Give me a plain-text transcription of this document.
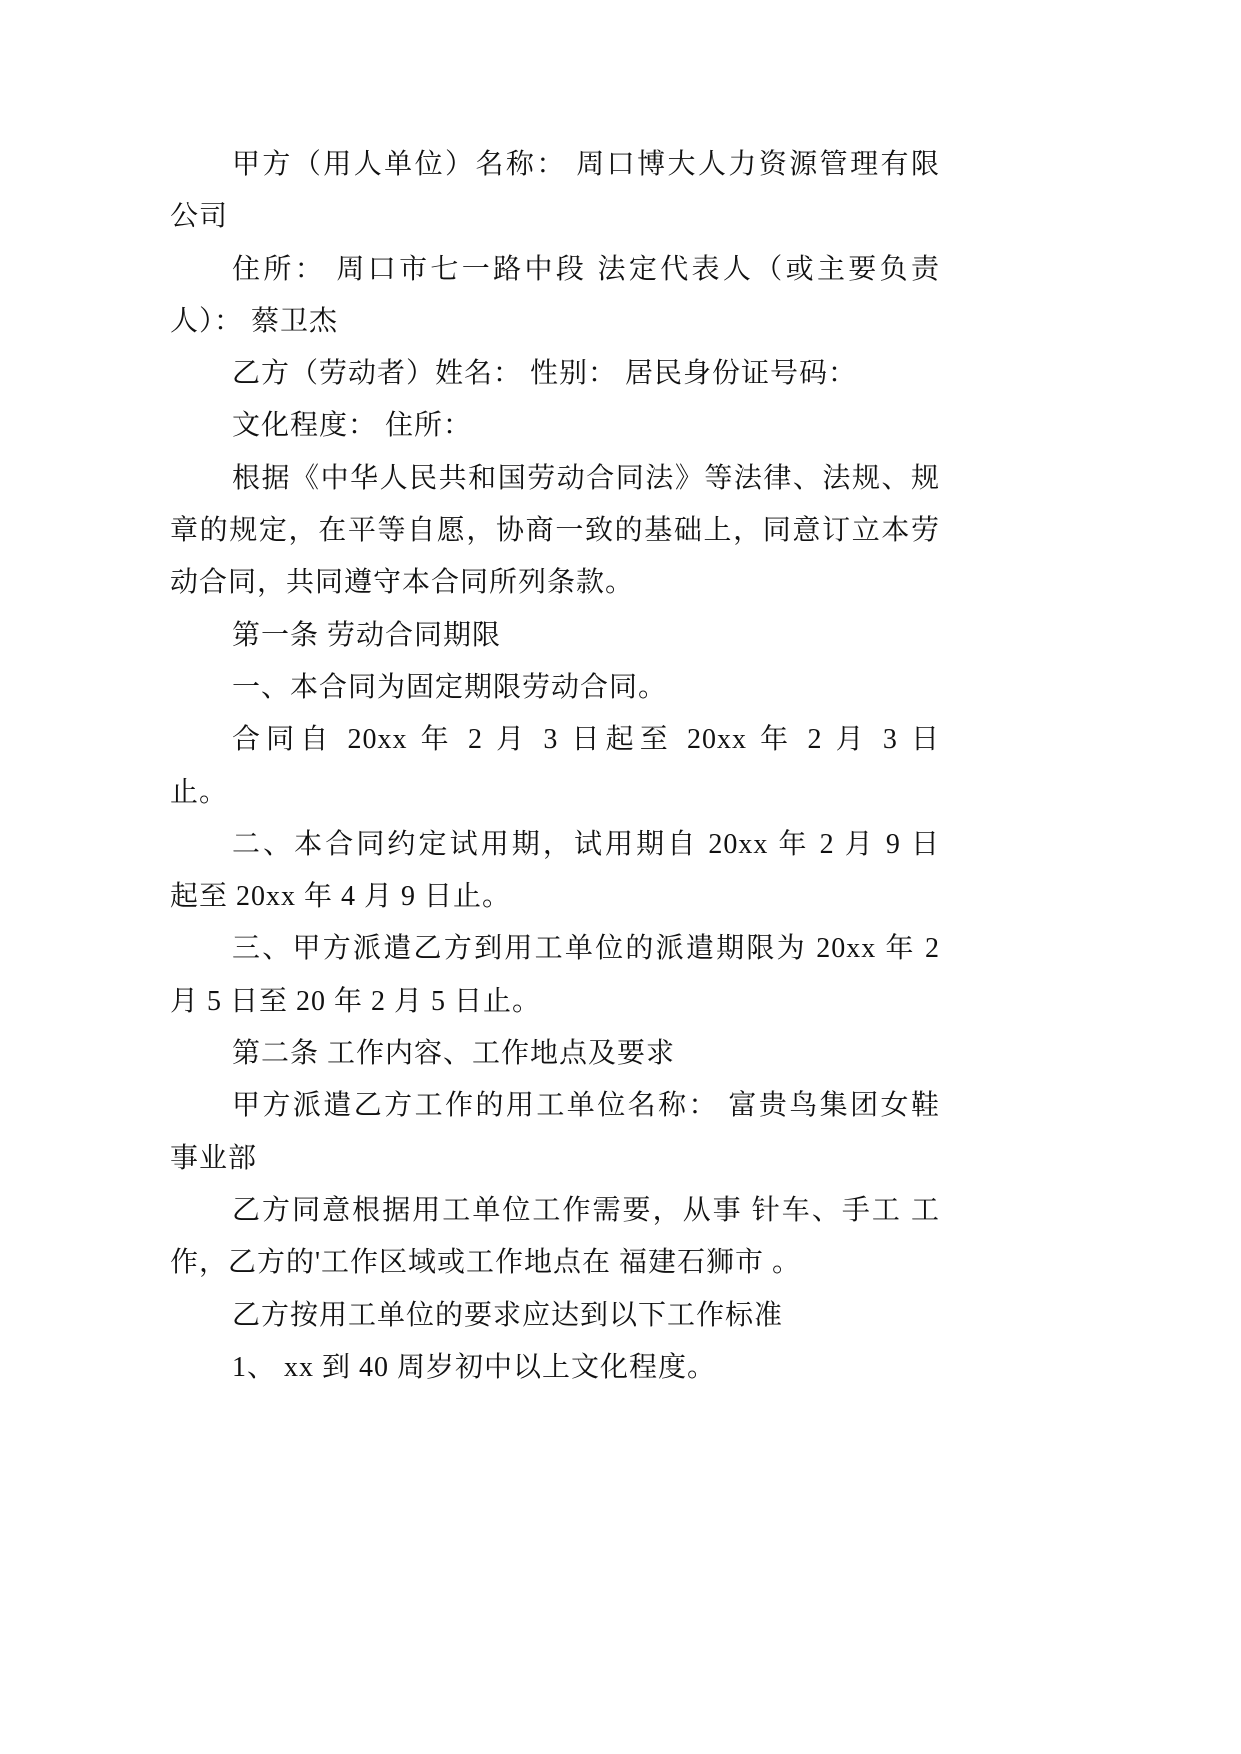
甲方（用人单位）名称： 周口博大人力资源管理有限
公司
住所： 周口市七一路中段 法定代表人（或主要负责
人）： 蔡卫杰
乙方（劳动者）姓名： 性别： 居民身份证号码：
文化程度： 住所：
根据《中华人民共和国劳动合同法》等法律、法规、规
章的规定，在平等自愿，协商一致的基础上，同意订立本劳
动合同，共同遵守本合同所列条款。
第一条 劳动合同期限
一、本合同为固定期限劳动合同。
合同自 20xx 年 2 月 3 日起至 20xx 年 2 月 3 日
止。
二、本合同约定试用期，试用期自 20xx 年 2 月 9 日
起至 20xx 年 4 月 9 日止。
三、甲方派遣乙方到用工单位的派遣期限为 20xx 年 2
月 5 日至 20 年 2 月 5 日止。
第二条 工作内容、工作地点及要求
甲方派遣乙方工作的用工单位名称： 富贵鸟集团女鞋
事业部
乙方同意根据用工单位工作需要，从事 针车、手工 工
作，乙方的'工作区域或工作地点在 福建石狮市 。
乙方按用工单位的要求应达到以下工作标准
1、 xx 到 40 周岁初中以上文化程度。
